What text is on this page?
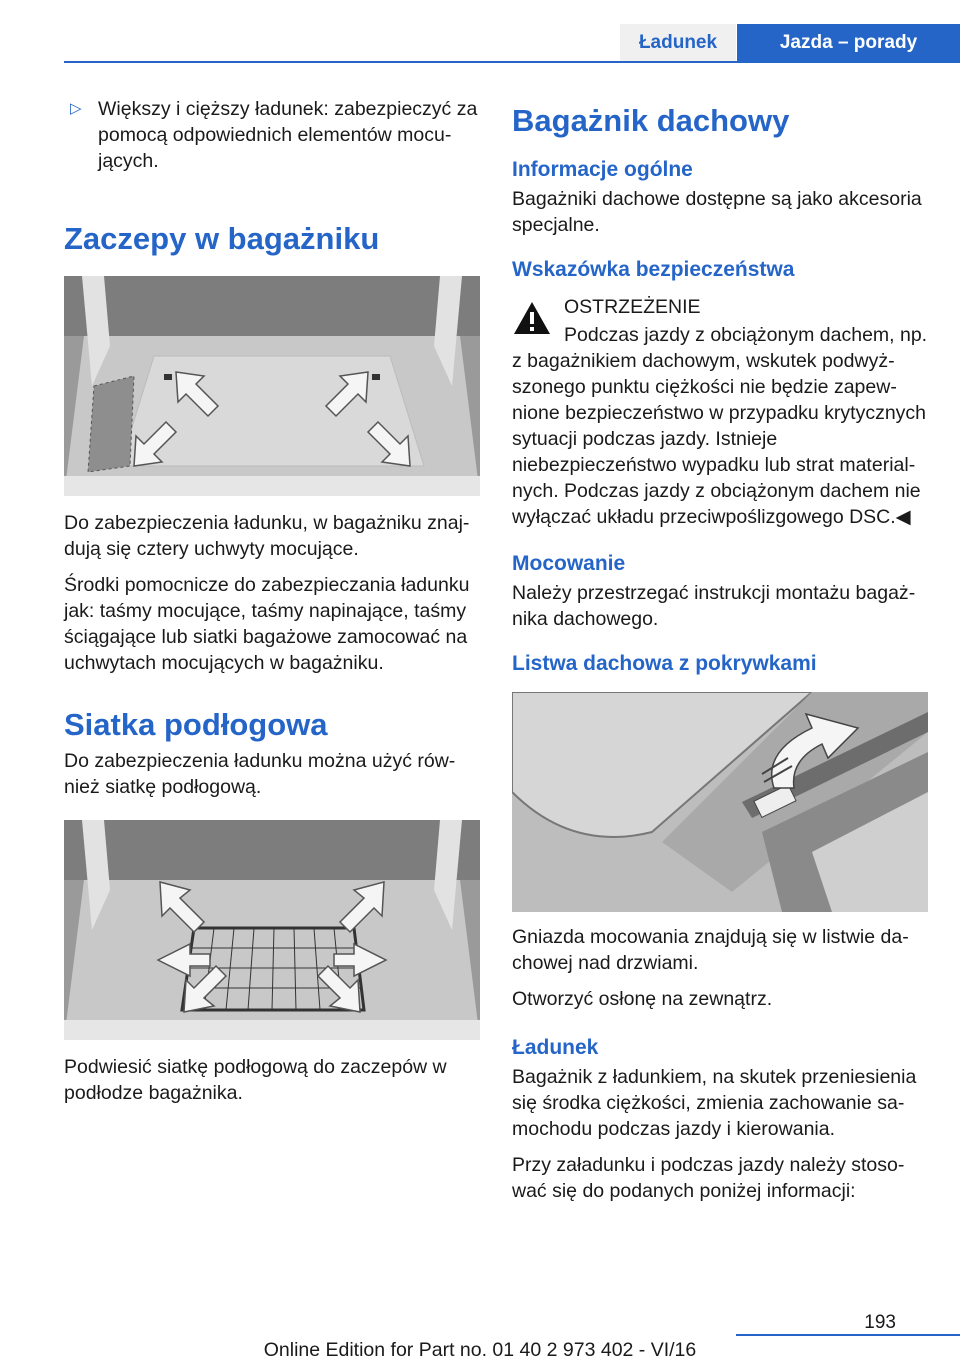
Ładunek	Jazda – porady
▷ Większy i cięższy ładunek: zabezpieczyć za pomocą odpowiednich elementów mocujących.

Zaczepy w bagażniku

Do zabezpieczenia ładunku, w bagażniku znajdują się cztery uchwyty mocujące.

Środki pomocnicze do zabezpieczania ładunku jak: taśmy mocujące, taśmy napinające, taśmy ściągające lub siatki bagażowe zamocować na uchwytach mocujących w bagażniku.

Siatka podłogowa

Do zabezpieczenia ładunku można użyć również siatkę podłogową.

Podwiesić siatkę podłogową do zaczepów w podłodze bagażnika.

Bagażnik dachowy
Informacje ogólne

Bagażniki dachowe dostępne są jako akcesoria specjalne.

Wskazówka bezpieczeństwa

OSTRZEŻENIE

Podczas jazdy z obciążonym dachem, np. z bagażnikiem dachowym, wskutek podwyższonego punktu ciężkości nie będzie zapewnione bezpieczeństwo w przypadku krytycznych sytuacji podczas jazdy. Istnieje niebezpieczeństwo wypadku lub strat materialnych. Podczas jazdy z obciążonym dachem nie wyłączać układu przeciwpoślizgowego DSC.◀

Mocowanie

Należy przestrzegać instrukcji montażu bagażnika dachowego.

Listwa dachowa z pokrywkami

Gniazda mocowania znajdują się w listwie dachowej nad drzwiami.

Otworzyć osłonę na zewnątrz.

Ładunek

Bagażnik z ładunkiem, na skutek przeniesienia się środka ciężkości, zmienia zachowanie samochodu podczas jazdy i kierowania.

Przy załadunku i podczas jazdy należy stosować się do podanych poniżej informacji:

193
Online Edition for Part no. 01 40 2 973 402 - VI/16
